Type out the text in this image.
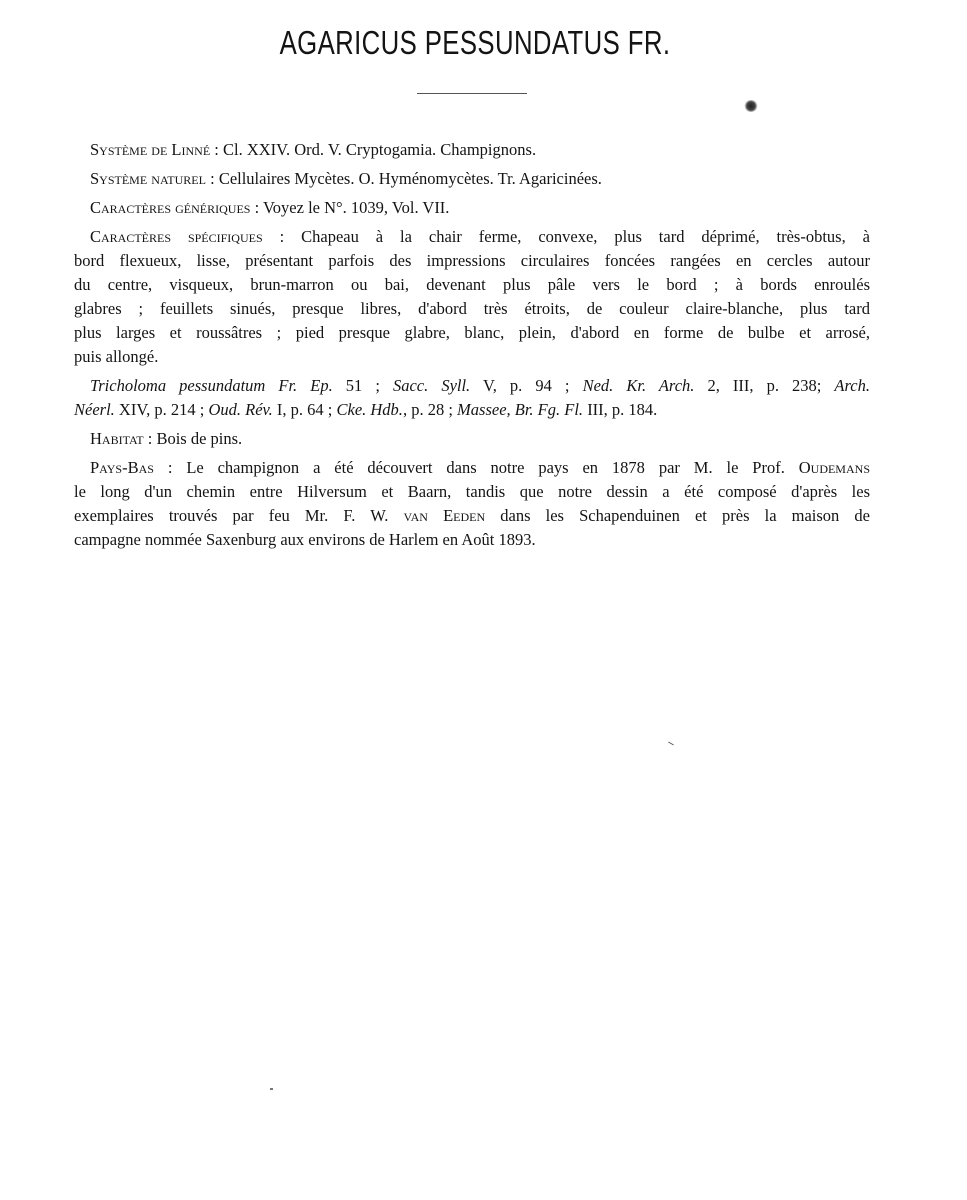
AGARICUS PESSUNDATUS FR.
Système de Linné : Cl. XXIV. Ord. V. Cryptogamia. Champignons.
Système naturel : Cellulaires Mycètes. O. Hyménomycètes. Tr. Agaricinées.
Caractères génériques : Voyez le N°. 1039, Vol. VII.
Caractères spécifiques : Chapeau à la chair ferme, convexe, plus tard déprimé, très-obtus, à
bord flexueux, lisse, présentant parfois des impressions circulaires foncées rangées en cercles autour
du centre, visqueux, brun-marron ou bai, devenant plus pâle vers le bord ; à bords enroulés
glabres ; feuillets sinués, presque libres, d'abord très étroits, de couleur claire-blanche, plus tard
plus larges et roussâtres ; pied presque glabre, blanc, plein, d'abord en forme de bulbe et arrosé,
puis allongé.
Tricholoma pessundatum Fr. Ep. 51 ; Sacc. Syll. V, p. 94 ; Ned. Kr. Arch. 2, III, p. 238; Arch.
Néerl. XIV, p. 214 ; Oud. Rév. I, p. 64 ; Cke. Hdb., p. 28 ; Massee, Br. Fg. Fl. III, p. 184.
Habitat : Bois de pins.
Pays-Bas : Le champignon a été découvert dans notre pays en 1878 par M. le Prof. Oudemans
le long d'un chemin entre Hilversum et Baarn, tandis que notre dessin a été composé d'après les
exemplaires trouvés par feu Mr. F. W. van Eeden dans les Schapenduinen et près la maison de
campagne nommée Saxenburg aux environs de Harlem en Août 1893.
